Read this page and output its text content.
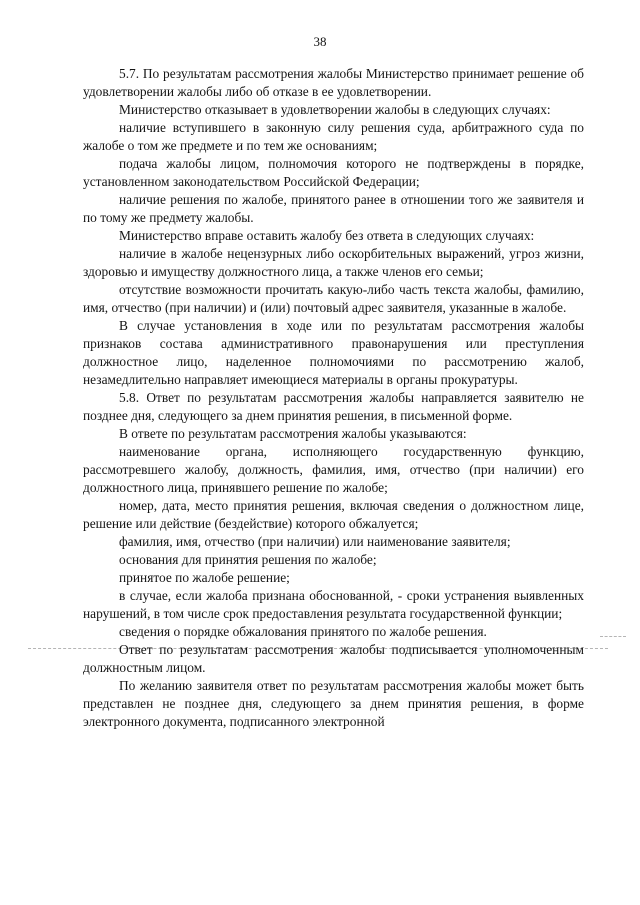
38

5.7. По результатам рассмотрения жалобы Министерство принимает решение об удовлетворении жалобы либо об отказе в ее удовлетворении.

Министерство отказывает в удовлетворении жалобы в следующих случаях:

наличие вступившего в законную силу решения суда, арбитражного суда по жалобе о том же предмете и по тем же основаниям;

подача жалобы лицом, полномочия которого не подтверждены в порядке, установленном законодательством Российской Федерации;

наличие решения по жалобе, принятого ранее в отношении того же заявителя и по тому же предмету жалобы.

Министерство вправе оставить жалобу без ответа в следующих случаях:

наличие в жалобе нецензурных либо оскорбительных выражений, угроз жизни, здоровью и имуществу должностного лица, а также членов его семьи;

отсутствие возможности прочитать какую-либо часть текста жалобы, фамилию, имя, отчество (при наличии) и (или) почтовый адрес заявителя, указанные в жалобе.

В случае установления в ходе или по результатам рассмотрения жалобы признаков состава административного правонарушения или преступления должностное лицо, наделенное полномочиями по рассмотрению жалоб, незамедлительно направляет имеющиеся материалы в органы прокуратуры.

5.8. Ответ по результатам рассмотрения жалобы направляется заявителю не позднее дня, следующего за днем принятия решения, в письменной форме.

В ответе по результатам рассмотрения жалобы указываются:

наименование органа, исполняющего государственную функцию, рассмотревшего жалобу, должность, фамилия, имя, отчество (при наличии) его должностного лица, принявшего решение по жалобе;

номер, дата, место принятия решения, включая сведения о должностном лице, решение или действие (бездействие) которого обжалуется;

фамилия, имя, отчество (при наличии) или наименование заявителя;

основания для принятия решения по жалобе;

принятое по жалобе решение;

в случае, если жалоба признана обоснованной, - сроки устранения выявленных нарушений, в том числе срок предоставления результата государственной функции;

сведения о порядке обжалования принятого по жалобе решения.

Ответ по результатам рассмотрения жалобы подписывается уполномоченным должностным лицом.

По желанию заявителя ответ по результатам рассмотрения жалобы может быть представлен не позднее дня, следующего за днем принятия решения, в форме электронного документа, подписанного электронной
